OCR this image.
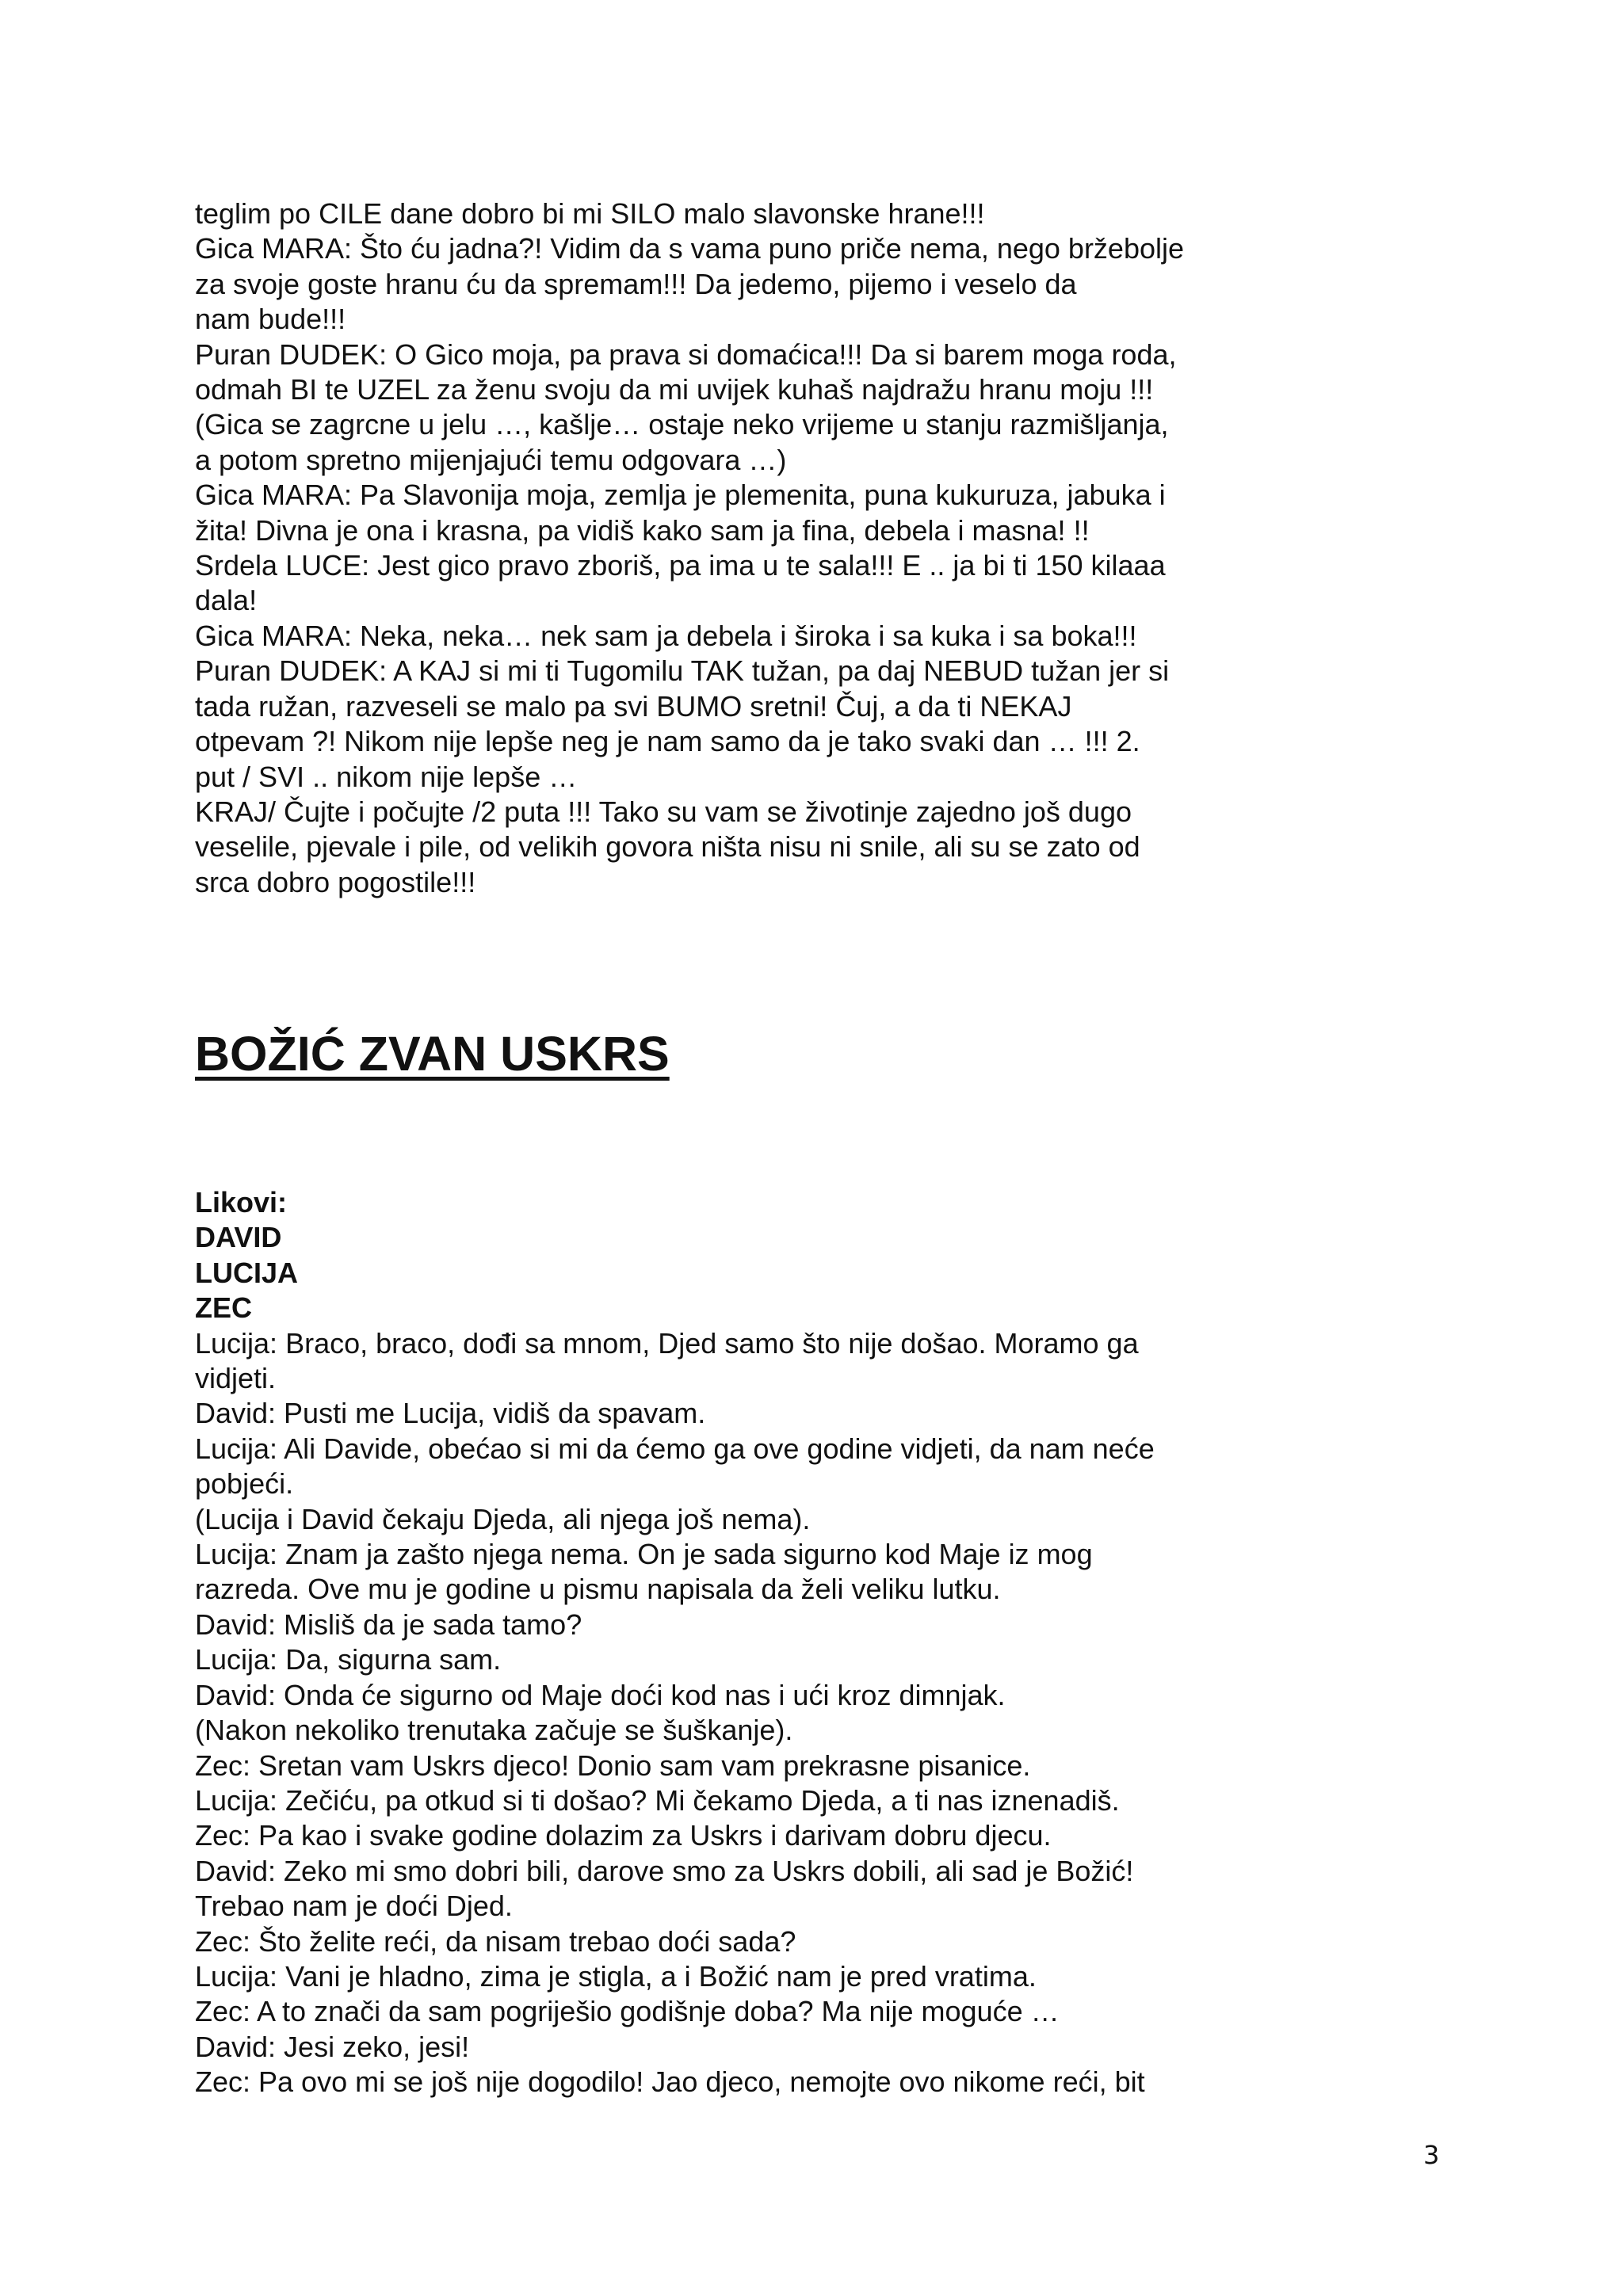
teglim po CILE dane dobro bi mi SILO malo slavonske hrane!!!
Gica MARA: Što ću jadna?! Vidim da s vama puno priče nema, nego bržebolje
za svoje goste hranu ću da spremam!!! Da jedemo, pijemo i veselo da
nam bude!!!
Puran DUDEK: O Gico moja, pa prava si domaćica!!! Da si barem moga roda,
odmah BI te UZEL za ženu svoju da mi uvijek kuhaš najdražu hranu moju !!!
(Gica se zagrcne u jelu …, kašlje… ostaje neko vrijeme u stanju razmišljanja,
a potom spretno mijenjajući temu odgovara …)
Gica MARA: Pa Slavonija moja, zemlja je plemenita, puna kukuruza, jabuka i
žita! Divna je ona i krasna, pa vidiš kako sam ja fina, debela i masna! !!
Srdela LUCE: Jest gico pravo zboriš, pa ima u te sala!!! E .. ja bi ti 150 kilaaa
dala!
Gica MARA: Neka, neka… nek sam ja debela i široka i sa kuka i sa boka!!!
Puran DUDEK: A KAJ si mi ti Tugomilu TAK tužan, pa daj NEBUD tužan jer si
tada ružan, razveseli se malo pa svi BUMO sretni! Čuj, a da ti NEKAJ
otpevam ?! Nikom nije lepše neg je nam samo da je tako svaki dan … !!! 2.
put / SVI .. nikom nije lepše …
KRAJ/ Čujte i počujte /2 puta !!! Tako su vam se životinje zajedno još dugo
veselile, pjevale i pile, od velikih govora ništa nisu ni snile, ali su se zato od
srca dobro pogostile!!!
BOŽIĆ ZVAN USKRS
Likovi:
DAVID
LUCIJA
ZEC
Lucija: Braco, braco, dođi sa mnom, Djed samo što nije došao. Moramo ga
vidjeti.
David: Pusti me Lucija, vidiš da spavam.
Lucija: Ali Davide, obećao si mi da ćemo ga ove godine vidjeti, da nam neće
pobjeći.
(Lucija i David čekaju Djeda, ali njega još nema).
Lucija: Znam ja zašto njega nema. On je sada sigurno kod Maje iz mog
razreda. Ove mu je godine u pismu napisala da želi veliku lutku.
David: Misliš da je sada tamo?
Lucija: Da, sigurna sam.
David: Onda će sigurno od Maje doći kod nas i ući kroz dimnjak.
(Nakon nekoliko trenutaka začuje se šuškanje).
Zec: Sretan vam Uskrs djeco! Donio sam vam prekrasne pisanice.
Lucija: Zečiću, pa otkud si ti došao? Mi čekamo Djeda, a ti nas iznenadiš.
Zec: Pa kao i svake godine dolazim za Uskrs i darivam dobru djecu.
David: Zeko mi smo dobri bili, darove smo za Uskrs dobili, ali sad je Božić!
Trebao nam je doći Djed.
Zec: Što želite reći, da nisam trebao doći sada?
Lucija: Vani je hladno, zima je stigla, a i Božić nam je pred vratima.
Zec: A to znači da sam pogriješio godišnje doba? Ma nije moguće …
David: Jesi zeko, jesi!
Zec: Pa ovo mi se još nije dogodilo! Jao djeco, nemojte ovo nikome reći, bit
3
